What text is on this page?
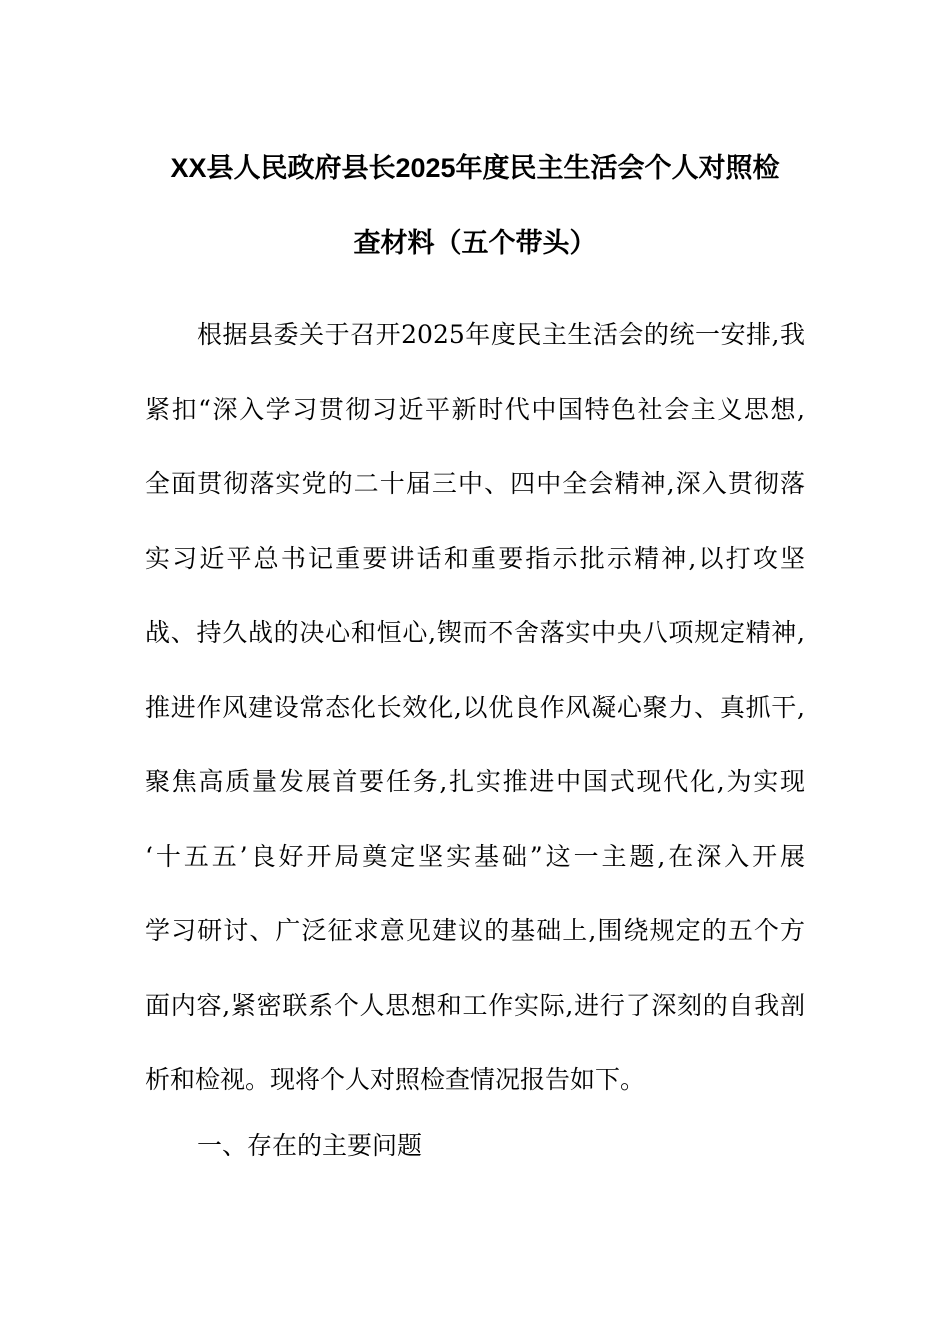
XX县人民政府县长2025年度民主生活会个人对照检
查材料（五个带头）
根据县委关于召开2025年度民主生活会的统一安排,我
紧扣“深入学习贯彻习近平新时代中国特色社会主义思想,
全面贯彻落实党的二十届三中、四中全会精神,深入贯彻落
实习近平总书记重要讲话和重要指示批示精神,以打攻坚
战、持久战的决心和恒心,锲而不舍落实中央八项规定精神,
推进作风建设常态化长效化,以优良作风凝心聚力、真抓干,
聚焦高质量发展首要任务,扎实推进中国式现代化,为实现
‘十五五’良好开局奠定坚实基础”这一主题,在深入开展
学习研讨、广泛征求意见建议的基础上,围绕规定的五个方
面内容,紧密联系个人思想和工作实际,进行了深刻的自我剖
析和检视。现将个人对照检查情况报告如下。
一、存在的主要问题
